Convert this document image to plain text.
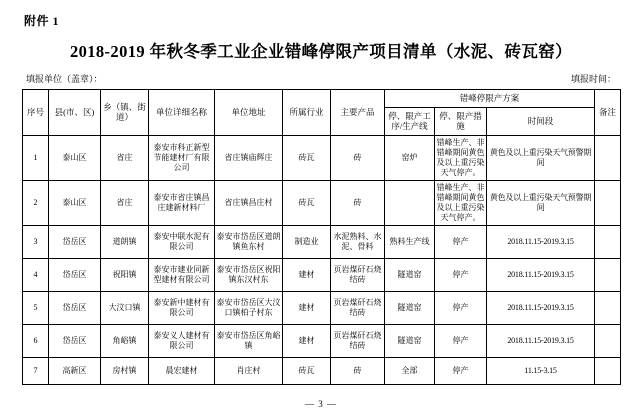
附件 1
2018-2019 年秋冬季工业企业错峰停限产项目清单（水泥、砖瓦窑）
填报单位（盖章）：	填报时间：
序号	县(市、区)	乡（镇、街道）	单位详细名称	单位地址	所属行业	主要产品	错峰停限产方案			备注
							停、限产工序/生产线	停、限产措施	时间段	
1	泰山区	省庄	泰安市科正新型节能建材厂有限公司	省庄镇庙辉庄	砖瓦	砖	窑炉	错峰生产、非错峰期间黄色及以上重污染天气停产。	黄色及以上重污染天气预警期间	
2	泰山区	省庄	泰安市省庄镇昌庄建新材料厂	省庄镇昌庄村	砖瓦	砖		错峰生产、非错峰期间黄色及以上重污染天气停产。	黄色及以上重污染天气预警期间	
3	岱岳区	道朗镇	泰安中联水泥有限公司	泰安市岱岳区道朗镇鱼东村	制造业	水泥熟料、水泥、骨料	熟料生产线	停产	2018.11.15-2019.3.15	
4	岱岳区	祝阳镇	泰安市建业同新型建材有限公司	泰安市岱岳区祝阳镇东汉村东	建材	页岩煤矸石烧结砖	隧道窑	停产	2018.11.15-2019.3.15	
5	岱岳区	大汶口镇	泰安新中建材有限公司	泰安市岱岳区大汶口镇柏子村东	建材	页岩煤矸石烧结砖	隧道窑	停产	2018.11.15-2019.3.15	
6	岱岳区	角峪镇	泰安义人建材有限公司	泰安市岱岳区角峪镇	建材	页岩煤矸石烧结砖	隧道窑	停产	2018.11.15-2019.3.15	
7	高新区	房村镇	晨宏建材	肖庄村	砖瓦	砖	全部	停产	11.15-3.15	
— 3 —
